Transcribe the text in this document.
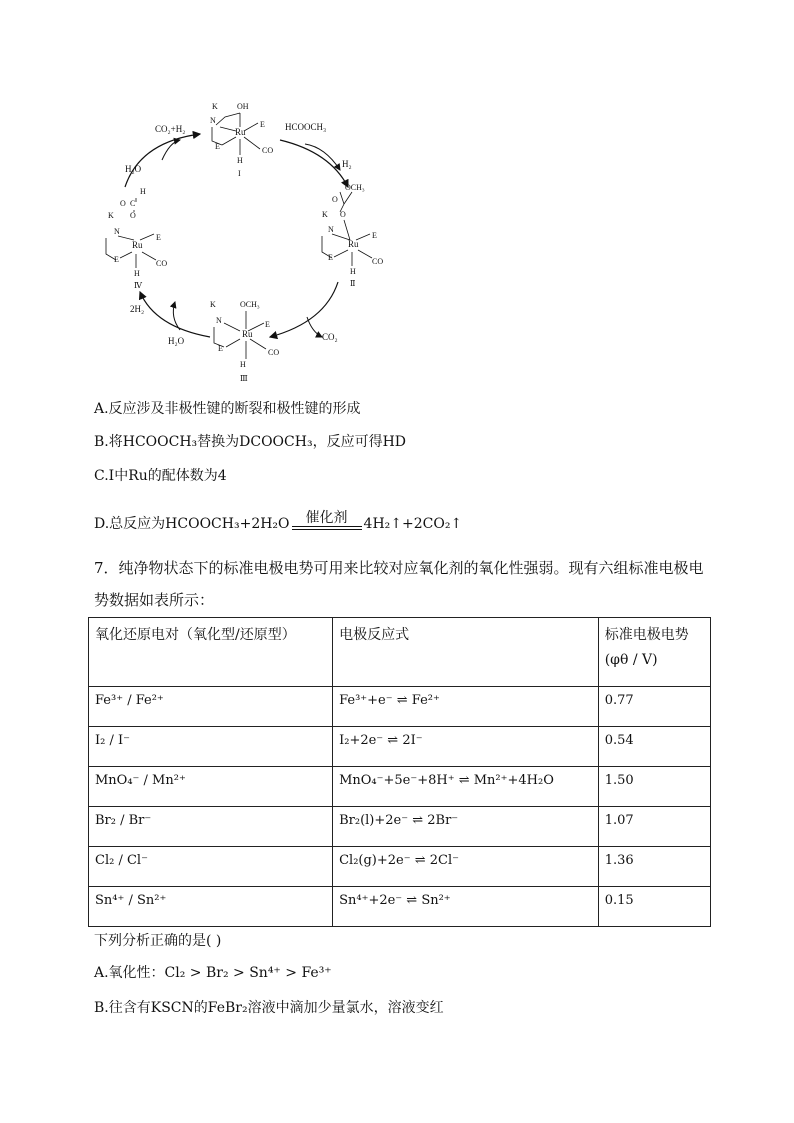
CO₂+H₂	HCOOCH₃
H₂
H₂O
2H₂
H₂O	CO₂
K OH
N
Ru
E
E	CO
H
I
OCH₃
O
K O
N
Ru
E
E	CO
H
Ⅱ
K	OCH₃
N
Ru
E
E	CO
H
Ⅲ
H
O C
K O
N
Ru
E
E	CO
H
Ⅳ
A.反应涉及非极性键的断裂和极性键的形成
B.将HCOOCH₃替换为DCOOCH₃，反应可得HD
C.Ⅰ中Ru的配体数为4
D.总反应为HCOOCH₃+2H₂O	催化剂	4H₂↑+2CO₂↑
7．纯净物状态下的标准电极电势可用来比较对应氧化剂的氧化性强弱。现有六组标准电极电势数据如表所示：
氧化还原电对（氧化型/还原型）	电极反应式	标准电极电势
(φθ / V)

Fe³⁺ / Fe²⁺	Fe³⁺+e⁻ ⇌ Fe²⁺	0.77
I₂ / I⁻	I₂+2e⁻ ⇌ 2I⁻	0.54
MnO₄⁻ / Mn²⁺	MnO₄⁻+5e⁻+8H⁺ ⇌ Mn²⁺+4H₂O	1.50
Br₂ / Br⁻	Br₂(l)+2e⁻ ⇌ 2Br⁻	1.07
Cl₂ / Cl⁻	Cl₂(g)+2e⁻ ⇌ 2Cl⁻	1.36
Sn⁴⁺ / Sn²⁺	Sn⁴⁺+2e⁻ ⇌ Sn²⁺	0.15
下列分析正确的是( )
A.氧化性：Cl₂ > Br₂ > Sn⁴⁺ > Fe³⁺
B.往含有KSCN的FeBr₂溶液中滴加少量氯水，溶液变红
